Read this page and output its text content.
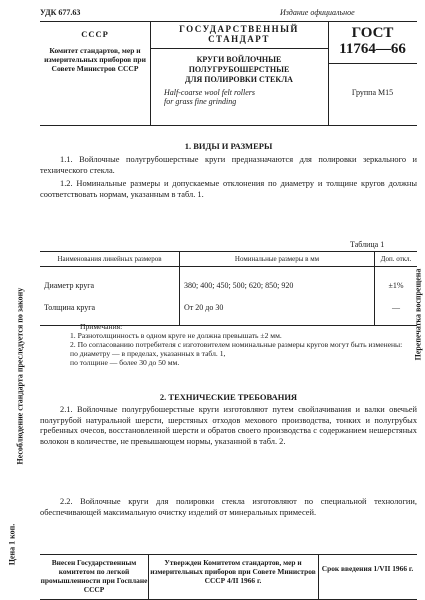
УДК 677.63	Издание официальное
СССР
Комитет стандартов, мер и измерительных приборов при Совете Министров СССР
ГОСУДАРСТВЕННЫЙ
СТАНДАРТ
КРУГИ ВОЙЛОЧНЫЕ
ПОЛУГРУБОШЕРСТНЫЕ
ДЛЯ ПОЛИРОВКИ СТЕКЛА
Half-coarse wool felt rollers
for grass fine grinding
ГОСТ
11764—66
Группа М15
1. ВИДЫ И РАЗМЕРЫ
1.1. Войлочные полугрубошерстные круги предназначаются для полировки зеркального и технического стекла.
1.2. Номинальные размеры и допускаемые отклонения по диаметру и толщине кругов должны соответствовать нормам, указанным в табл. 1.
Таблица 1
Наименования линейных размеров	Номинальные размеры в мм	Доп. откл.
Диаметр круга	380; 400; 450; 500; 620; 850; 920	±1%
Толщина круга	От 20 до 30	—
Примечания:
1. Разнотолщинность в одном круге не должна превышать ±2 мм.
2. По согласованию потребителя с изготовителем номинальные размеры кругов могут быть изменены:
по диаметру — в пределах, указанных в табл. 1,
по толщине — болee 30 до 50 мм.
2. ТЕХНИЧЕСКИЕ ТРЕБОВАНИЯ
2.1. Войлочные полугрубошерстные круги изготовляют путем свойлачивания и валки овечьей полугрубой натуральной шерсти, шерстяных отходов мехового производства, тонких и полугрубых гребенных очесов, восстановленной шерсти и обратов своего производства с содержанием нешерстяных волокон в количестве, не превышающем нормы, указанной в табл. 2.
2.2. Войлочные круги для полировки стекла изготовляют по специальной технологии, обеспечивающей максимальную очистку изделий от минеральных примесей.
Внесен Государственным комитетом по легкой промышленности при Госплане СССР
Утвержден Комитетом стандартов, мер и измерительных приборов при Совете Министров СССР 4/II 1966 г.
Срок введения 1/VII 1966 г.
Несоблюдение стандарта преследуется по закону
Цена 1 коп.
Перепечатка воспрещена
